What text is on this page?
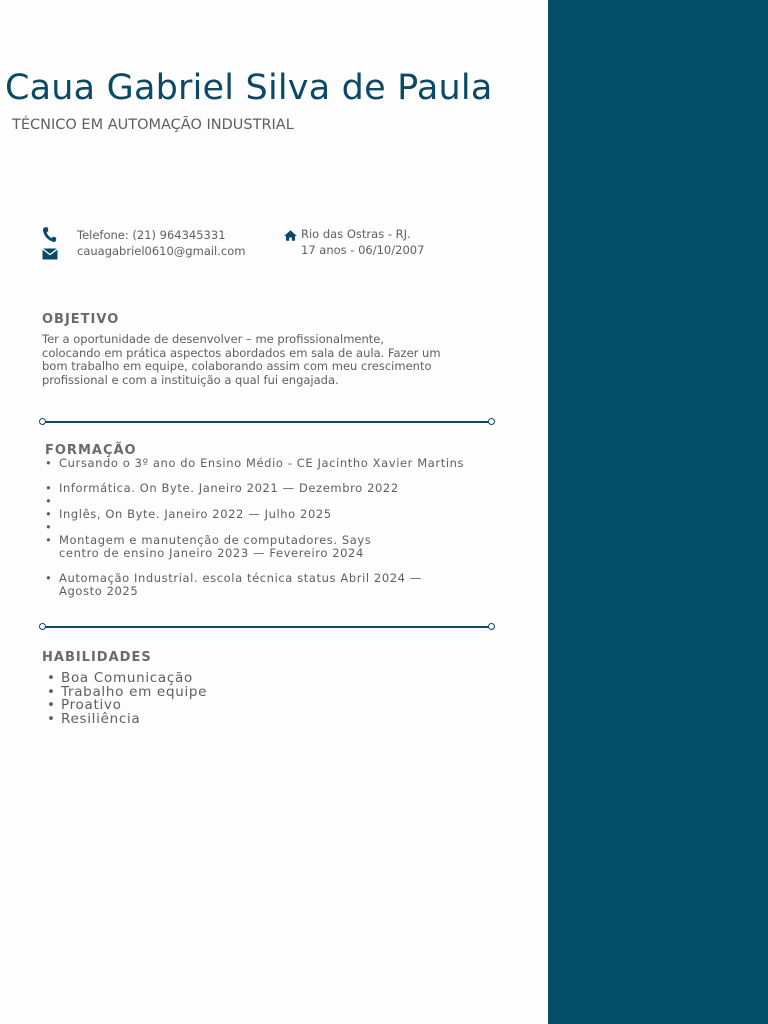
Caua Gabriel Silva de Paula
TÉCNICO EM AUTOMAÇÃO INDUSTRIAL
Telefone: (21) 964345331
cauagabriel0610@gmail.com
Rio das Ostras - RJ.
17 anos - 06/10/2007
OBJETIVO

Ter a oportunidade de desenvolver – me profissionalmente, colocando em prática aspectos abordados em sala de aula. Fazer um bom trabalho em equipe, colaborando assim com meu crescimento profissional e com a instituição a qual fui engajada.

FORMAÇÃO
• Cursando o 3º ano do Ensino Médio - CE Jacintho Xavier Martins
• Informática. On Byte. Janeiro 2021 — Dezembro 2022
•
• Inglês, On Byte. Janeiro 2022 — Julho 2025
•
• Montagem e manutenção de computadores. Says centro de ensino Janeiro 2023 — Fevereiro 2024
• Automação Industrial. escola técnica status Abril 2024 — Agosto 2025
HABILIDADES
• Boa Comunicação
• Trabalho em equipe
• Proativo
• Resiliência
